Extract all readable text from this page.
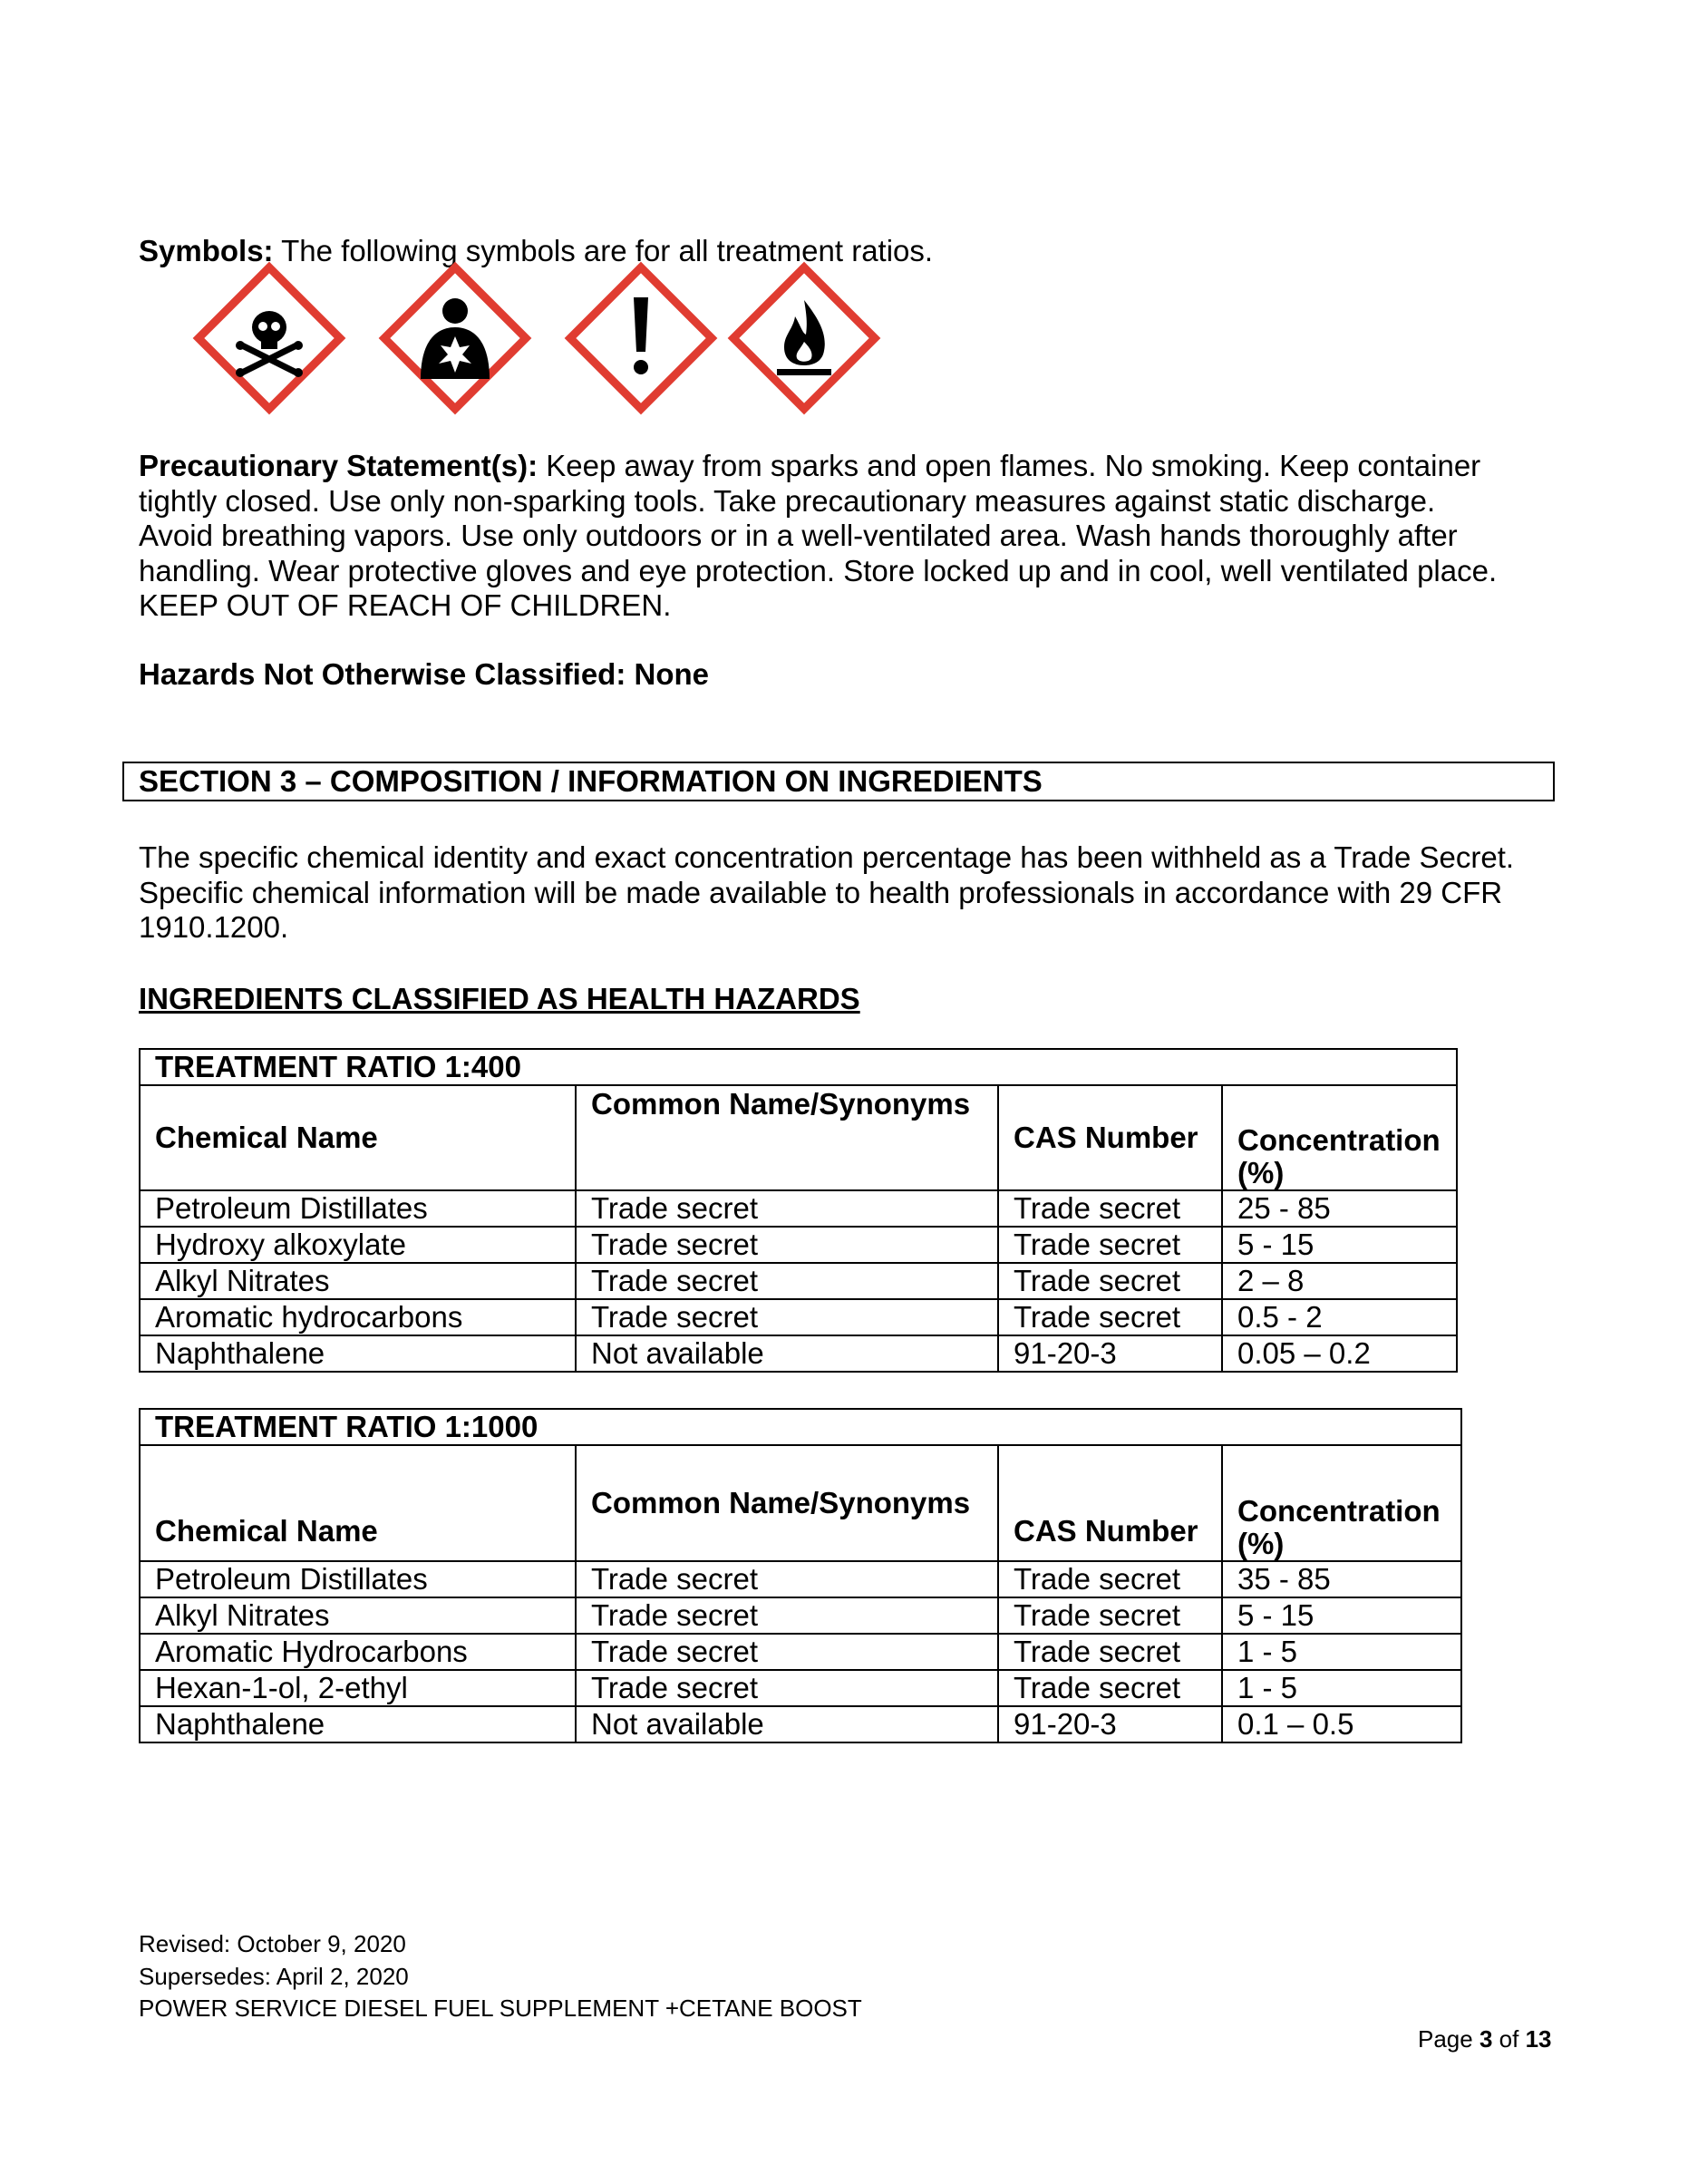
Symbols: The following symbols are for all treatment ratios.
Precautionary Statement(s): Keep away from sparks and open flames. No smoking. Keep container
tightly closed. Use only non-sparking tools. Take precautionary measures against static discharge.
Avoid breathing vapors. Use only outdoors or in a well-ventilated area. Wash hands thoroughly after
handling. Wear protective gloves and eye protection. Store locked up and in cool, well ventilated place.
KEEP OUT OF REACH OF CHILDREN.
Hazards Not Otherwise Classified: None
SECTION 3 – COMPOSITION / INFORMATION ON INGREDIENTS
The specific chemical identity and exact concentration percentage has been withheld as a Trade Secret.
Specific chemical information will be made available to health professionals in accordance with 29 CFR
1910.1200.
INGREDIENTS CLASSIFIED AS HEALTH HAZARDS
TREATMENT RATIO 1:400			
Chemical Name	Common Name/Synonyms	CAS Number	Concentration (%)
Petroleum Distillates	Trade secret	Trade secret	25 - 85
Hydroxy alkoxylate	Trade secret	Trade secret	5 - 15
Alkyl Nitrates	Trade secret	Trade secret	2 – 8
Aromatic hydrocarbons	Trade secret	Trade secret	0.5 - 2
Naphthalene	Not available	91-20-3	0.05 – 0.2
TREATMENT RATIO 1:1000			
Chemical Name	Common Name/Synonyms	CAS Number	Concentration (%)
Petroleum Distillates	Trade secret	Trade secret	35 - 85
Alkyl Nitrates	Trade secret	Trade secret	5 - 15
Aromatic Hydrocarbons	Trade secret	Trade secret	1 - 5
Hexan-1-ol, 2-ethyl	Trade secret	Trade secret	1 - 5
Naphthalene	Not available	91-20-3	0.1 – 0.5
Revised: October 9, 2020
Supersedes: April 2, 2020
POWER SERVICE DIESEL FUEL SUPPLEMENT +CETANE BOOST
Page 3 of 13
